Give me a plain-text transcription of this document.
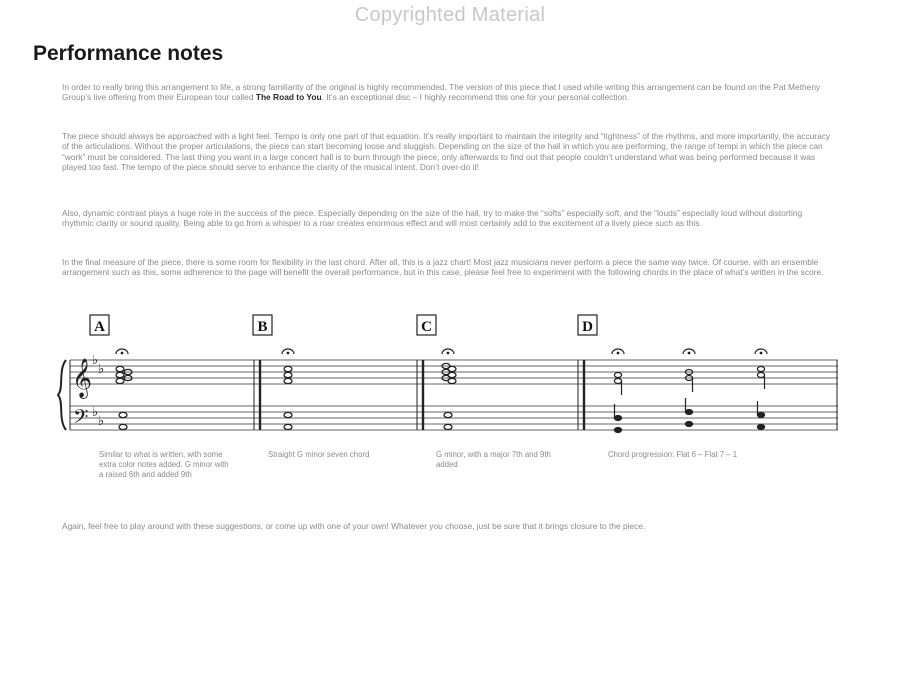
Copyrighted Material
Performance notes

In order to really bring this arrangement to life, a strong familiarity of the original is highly recommended. The version of this piece that I used while writing this arrangement can be found on the Pat Metheny Group’s live offering from their European tour called The Road to You. It’s an exceptional disc – I highly recommend this one for your personal collection.

The piece should always be approached with a light feel. Tempo is only one part of that equation. It’s really important to maintain the integrity and “tightness” of the rhythms, and more importantly, the accuracy of the articulations. Without the proper articulations, the piece can start becoming loose and sluggish. Depending on the size of the hall in which you are performing, the range of tempi in which the piece can “work” must be considered. The last thing you want in a large concert hall is to burn through the piece, only afterwards to find out that people couldn’t understand what was being performed because it was played too fast. The tempo of the piece should serve to enhance the clarity of the musical intent. Don’t over-do it!

Also, dynamic contrast plays a huge role in the success of the piece. Especially depending on the size of the hall, try to make the “softs” especially soft, and the “louds” especially loud without distorting rhythmic clarity or sound quality. Being able to go from a whisper to a roar creates enormous effect and will most certainly add to the excitement of a lively piece such as this.

In the final measure of the piece, there is some room for flexibility in the last chord. After all, this is a jazz chart! Most jazz musicians never perform a piece the same way twice. Of course, with an ensemble arrangement such as this, some adherence to the page will benefit the overall performance, but in this case, please feel free to experiment with the following chords in the place of what’s written in the score.

A	B	C	D
𝄞
𝄢
♭
♭
♭
♭

Similar to what is written, with some extra color notes added. G minor with a raised 6th and added 9th

Straight G minor seven chord	G minor, with a major 7th and 9th added

Chord progression: Flat 6 – Flat 7 – 1

Again, feel free to play around with these suggestions, or come up with one of your own! Whatever you choose, just be sure that it brings closure to the piece.
